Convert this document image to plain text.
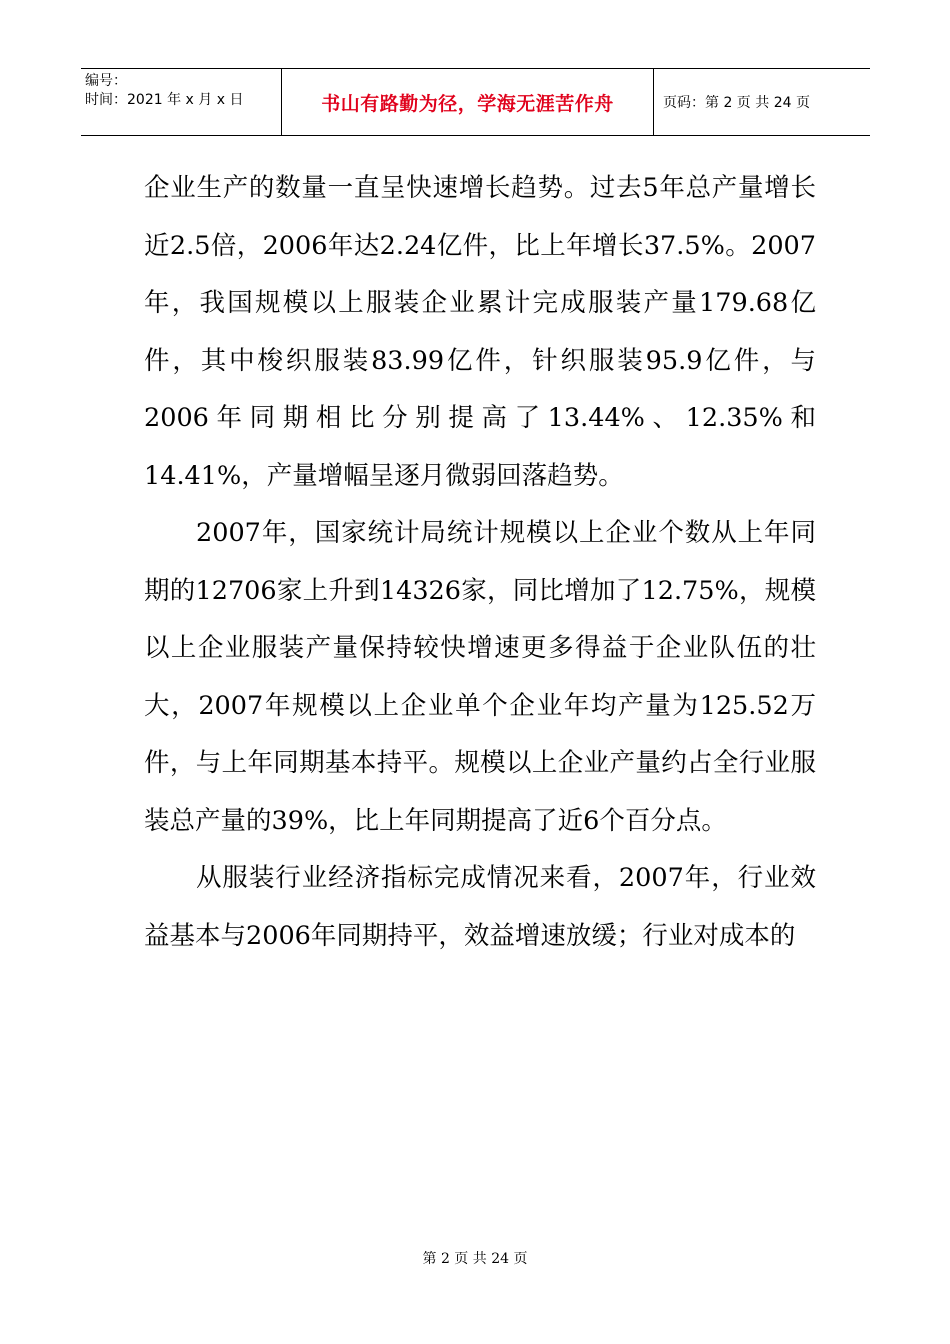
编号：
时间：2021 年 x 月 x 日	书山有路勤为径，学海无涯苦作舟	页码：第 2 页 共 24 页

企业生产的数量一直呈快速增长趋势。过去5年总产量增长近2.5倍，2006年达2.24亿件，比上年增长37.5%。2007年，我国规模以上服装企业累计完成服装产量179.68亿件，其中梭织服装83.99亿件，针织服装95.9亿件，与2006年同期相比分别提高了13.44%、12.35%和14.41%，产量增幅呈逐月微弱回落趋势。

2007年，国家统计局统计规模以上企业个数从上年同期的12706家上升到14326家，同比增加了12.75%，规模以上企业服装产量保持较快增速更多得益于企业队伍的壮大，2007年规模以上企业单个企业年均产量为125.52万件，与上年同期基本持平。规模以上企业产量约占全行业服装总产量的39%，比上年同期提高了近6个百分点。

从服装行业经济指标完成情况来看，2007年，行业效益基本与2006年同期持平，效益增速放缓；行业对成本的

第 2 页 共 24 页
